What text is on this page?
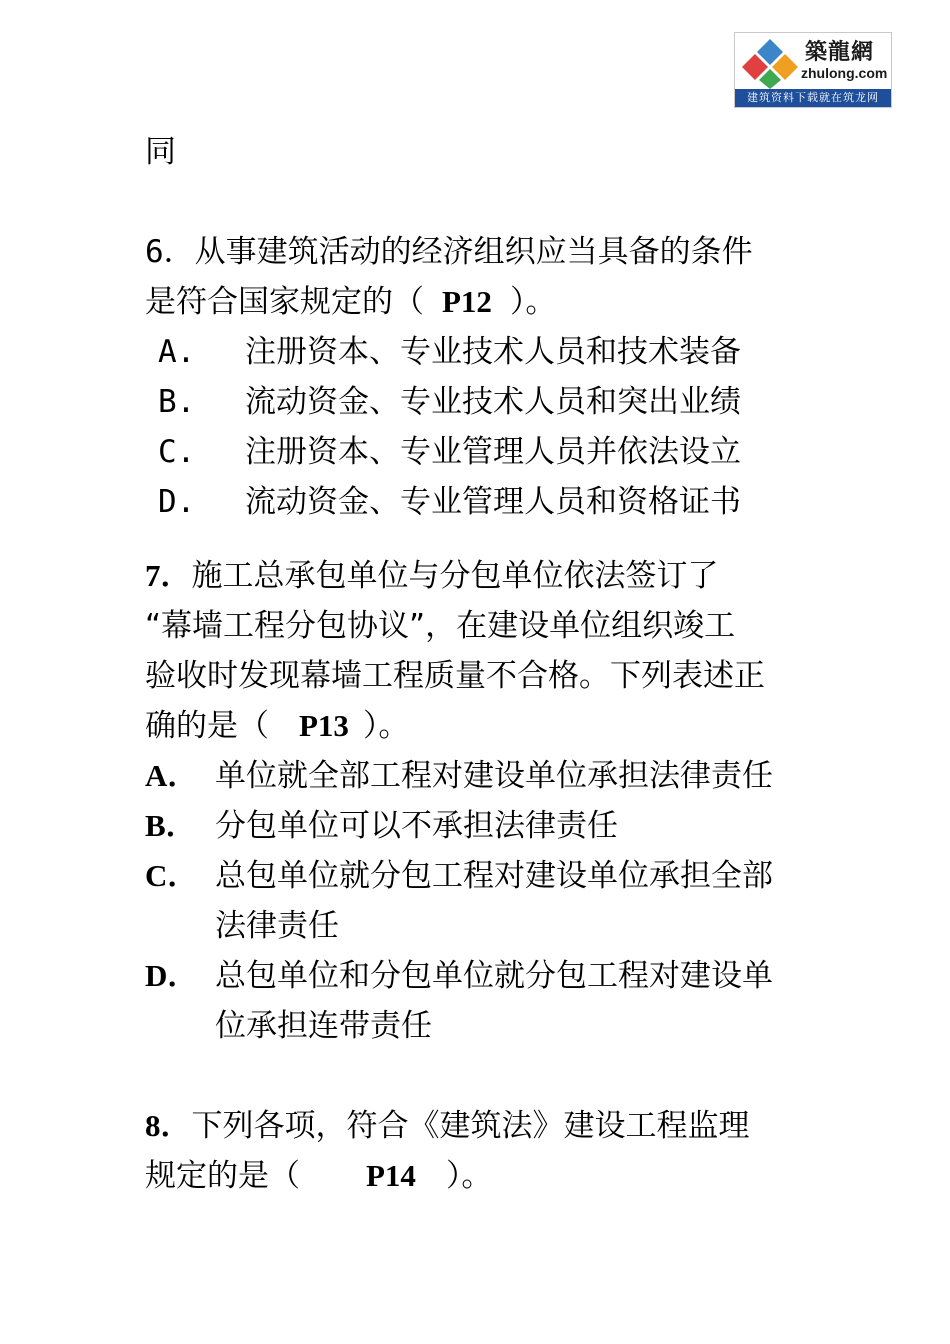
築龍網
zhulong.com
建筑资料下载就在筑龙网
同
6．从事建筑活动的经济组织应当具备的条件
是符合国家规定的（ P12 ）。
A. 注册资本、专业技术人员和技术装备
B. 流动资金、专业技术人员和突出业绩
C. 注册资本、专业管理人员并依法设立
D. 流动资金、专业管理人员和资格证书
7．施工总承包单位与分包单位依法签订了
“幕墙工程分包协议”，在建设单位组织竣工
验收时发现幕墙工程质量不合格。下列表述正
确的是（ P13 ）。
A． 单位就全部工程对建设单位承担法律责任
B． 分包单位可以不承担法律责任
C． 总包单位就分包工程对建设单位承担全部
法律责任
D． 总包单位和分包单位就分包工程对建设单
位承担连带责任
8．下列各项，符合《建筑法》建设工程监理
规定的是（ P14 ）。
